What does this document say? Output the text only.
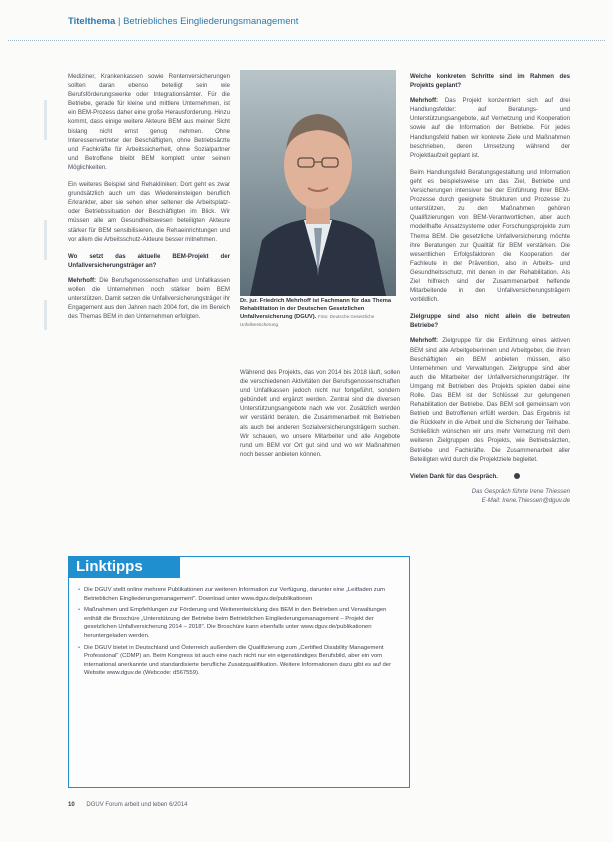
Titelthema | Betriebliches Eingliederungsmanagement

Mediziner, Krankenkassen sowie Rentenversicherungen sollten daran ebenso beteiligt sein wie Berufsförderungswerke oder Integrationsämter. Für die Betriebe, gerade für kleine und mittlere Unternehmen, ist ein BEM-Prozess daher eine große Herausforderung. Hinzu kommt, dass einige weitere Akteure BEM aus meiner Sicht bislang nicht ernst genug nehmen. Ohne Interessenvertreter der Beschäftigten, ohne Betriebsärzte und Fachkräfte für Arbeitssicherheit, ohne Sozialpartner und Betroffene bleibt BEM komplett unter seinen Möglichkeiten.

Ein weiteres Beispiel sind Rehakliniken: Dort geht es zwar grundsätzlich auch um das Wiedereinsteigen beruflich Erkrankter, aber sie sehen eher seltener die Arbeitsplatz- oder Betriebssituation der Beschäftigten im Blick. Wir müssen alle am Gesundheitswesen beteiligten Akteure stärker für BEM sensibilisieren, die Rehaeinrichtungen und vor allem die Arbeitsschutz-Akteure besser mitnehmen.

Wo setzt das aktuelle BEM-Projekt der Unfallversicherungsträger an?

Mehrhoff: Die Berufsgenossenschaften und Unfallkassen wollen die Unternehmen noch stärker beim BEM unterstützen. Damit setzen die Unfallversicherungsträger ihr Engagement aus den Jahren nach 2004 fort, die im Bereich des Themas BEM in den Unternehmen erfolgten.

Dr. jur. Friedrich Mehrhoff ist Fachmann für das Thema Rehabilitation in der Deutschen Gesetzlichen Unfallversicherung (DGUV). Foto: Deutsche Gesetzliche Unfallversicherung

Während des Projekts, das von 2014 bis 2018 läuft, sollen die verschiedenen Aktivitäten der Berufsgenossenschaften und Unfallkassen jedoch nicht nur fortgeführt, sondern gebündelt und ergänzt werden. Zentral sind die diversen Unterstützungsangebote nach wie vor. Zusätzlich werden wir verstärkt beraten, die Zusammenarbeit mit Betrieben als auch bei anderen Sozialversicherungsträgern suchen. Wir schauen, wo unsere Mitarbeiter und alle Angebote rund um BEM vor Ort gut sind und wo wir Maßnahmen noch besser anbieten können.

Welche konkreten Schritte sind im Rahmen des Projekts geplant?

Mehrhoff: Das Projekt konzentriert sich auf drei Handlungsfelder: auf Beratungs- und Unterstützungsangebote, auf Vernetzung und Kooperation sowie auf die Information der Betriebe. Für jedes Handlungsfeld haben wir konkrete Ziele und Maßnahmen beschrieben, deren Umsetzung während der Projektlaufzeit geplant ist.

Beim Handlungsfeld Beratungsgestaltung und Information geht es beispielsweise um das Ziel, Betriebe und Versicherungen intensiver bei der Einführung ihrer BEM-Prozesse durch geeignete Strukturen und Prozesse zu unterstützen, zu den Maßnahmen gehören Qualifizierungen von BEM-Verantwortlichen, aber auch modellhafte Ansatzsysteme oder Forschungsprojekte zum Thema BEM. Die gesetzliche Unfallversicherung möchte ihre Beratungen zur Qualität für BEM verstärken. Die wesentlichen Erfolgsfaktoren die Kooperation der Fachleute in der Prävention, also in Arbeits- und Gesundheitsschutz, mit denen in der Rehabilitation. Als Ziel hilfreich sind der Zusammenarbeit helfende Mitarbeitende in den Unfallversicherungsträgern vorbildlich.

Zielgruppe sind also nicht allein die betreuten Betriebe?

Mehrhoff: Zielgruppe für die Einführung eines aktiven BEM sind alle Arbeitgeberinnen und Arbeitgeber, die ihren Beschäftigten ein BEM anbieten müssen, also Unternehmen und Verwaltungen. Zielgruppe sind aber auch die Mitarbeiter der Unfallversicherungsträger. Ihr Umgang mit Betrieben des Projekts spielen dabei eine Rolle. Das BEM ist der Schlüssel zur gelungenen Rehabilitation der Betriebe. Das BEM soll gemeinsam von Betrieb und Betroffenen erfüllt werden. Das Ergebnis ist die Rückkehr in die Arbeit und die Sicherung der Teilhabe. Schließlich wünschen wir uns mehr Vernetzung mit dem weiteren Zielgruppen des Projekts, wie Betriebsärzten, Betriebe und Fachkräfte. Die Zusammenarbeit aller Beteiligten wird durch die Projektziele begleitet.

Vielen Dank für das Gespräch.

Das Gespräch führte Irene Thiessen

E-Mail: Irene.Thiessen@dguv.de

Linktipps
• Die DGUV stellt online mehrere Publikationen zur weiteren Information zur Verfügung, darunter eine „Leitfaden zum Betrieblichen Eingliederungsmanagement". Download unter www.dguv.de/publikationen
• Maßnahmen und Empfehlungen zur Förderung und Weiterentwicklung des BEM in den Betrieben und Verwaltungen enthält die Broschüre „Unterstützung der Betriebe beim Betrieblichen Eingliederungsmanagement – Projekt der gesetzlichen Unfallversicherung 2014 – 2018". Die Broschüre kann ebenfalls unter www.dguv.de/publikationen heruntergeladen werden.
• Die DGUV bietet in Deutschland und Österreich außerdem die Qualifizierung zum „Certified Disability Management Professional" (CDMP) an. Beim Kongress ist auch eine nach nicht nur ein eigenständiges Berufsbild, aber ein vom international anerkannte und standardisierte berufliche Zusatzqualifikation. Weitere Informationen dazu gibt es auf der Website www.dguv.de (Webcode: d567559).
10 DGUV Forum arbeit und leben 6/2014
